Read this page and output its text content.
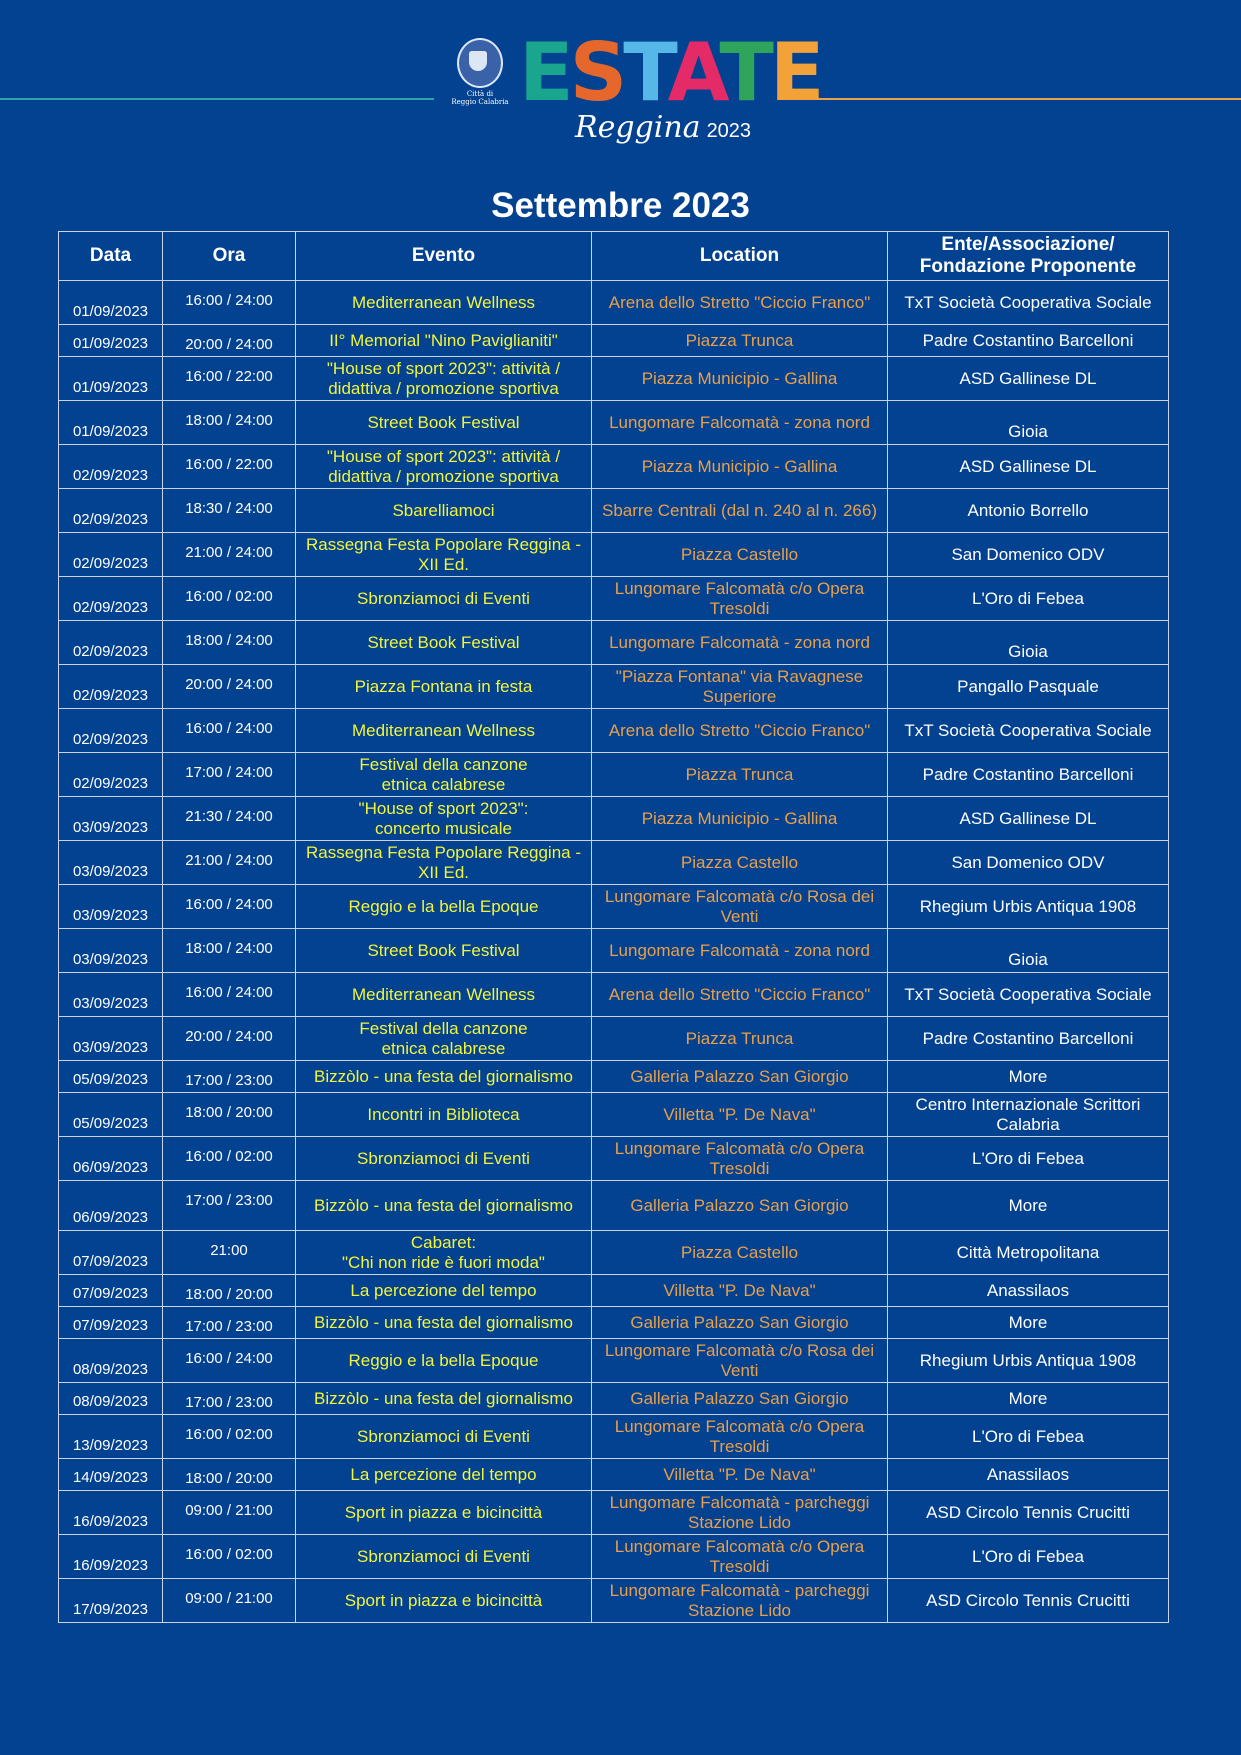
Città di
Reggio Calabria ESTATE
Reggina 2023
Settembre 2023
Data	Ora	Evento	Location	Ente/Associazione/
Fondazione Proponente
01/09/2023	16:00 / 24:00	Mediterranean Wellness	Arena dello Stretto "Ciccio Franco"	TxT Società Cooperativa Sociale
01/09/2023	20:00 / 24:00	II° Memorial "Nino Paviglianiti"	Piazza Trunca	Padre Costantino Barcelloni
01/09/2023	16:00 / 22:00	"House of sport 2023": attività / didattiva / promozione sportiva	Piazza Municipio - Gallina	ASD Gallinese DL
01/09/2023	18:00 / 24:00	Street Book Festival	Lungomare Falcomatà - zona nord	Gioia
02/09/2023	16:00 / 22:00	"House of sport 2023": attività / didattiva / promozione sportiva	Piazza Municipio - Gallina	ASD Gallinese DL
02/09/2023	18:30 / 24:00	Sbarelliamoci	Sbarre Centrali (dal n. 240 al n. 266)	Antonio Borrello
02/09/2023	21:00 / 24:00	Rassegna Festa Popolare Reggina - XII Ed.	Piazza Castello	San Domenico ODV
02/09/2023	16:00 / 02:00	Sbronziamoci di Eventi	Lungomare Falcomatà c/o Opera Tresoldi	L'Oro di Febea
02/09/2023	18:00 / 24:00	Street Book Festival	Lungomare Falcomatà - zona nord	Gioia
02/09/2023	20:00 / 24:00	Piazza Fontana in festa	"Piazza Fontana" via Ravagnese Superiore	Pangallo Pasquale
02/09/2023	16:00 / 24:00	Mediterranean Wellness	Arena dello Stretto "Ciccio Franco"	TxT Società Cooperativa Sociale
02/09/2023	17:00 / 24:00	Festival della canzone
etnica calabrese	Piazza Trunca	Padre Costantino Barcelloni
03/09/2023	21:30 / 24:00	"House of sport 2023":
concerto musicale	Piazza Municipio - Gallina	ASD Gallinese DL
03/09/2023	21:00 / 24:00	Rassegna Festa Popolare Reggina - XII Ed.	Piazza Castello	San Domenico ODV
03/09/2023	16:00 / 24:00	Reggio e la bella Epoque	Lungomare Falcomatà c/o Rosa dei Venti	Rhegium Urbis Antiqua 1908
03/09/2023	18:00 / 24:00	Street Book Festival	Lungomare Falcomatà - zona nord	Gioia
03/09/2023	16:00 / 24:00	Mediterranean Wellness	Arena dello Stretto "Ciccio Franco"	TxT Società Cooperativa Sociale
03/09/2023	20:00 / 24:00	Festival della canzone
etnica calabrese	Piazza Trunca	Padre Costantino Barcelloni
05/09/2023	17:00 / 23:00	Bizzòlo - una festa del giornalismo	Galleria Palazzo San Giorgio	More
05/09/2023	18:00 / 20:00	Incontri in Biblioteca	Villetta "P. De Nava"	Centro Internazionale Scrittori Calabria
06/09/2023	16:00 / 02:00	Sbronziamoci di Eventi	Lungomare Falcomatà c/o Opera Tresoldi	L'Oro di Febea
06/09/2023	17:00 / 23:00	Bizzòlo - una festa del giornalismo	Galleria Palazzo San Giorgio	More
07/09/2023	21:00	Cabaret:
"Chi non ride è fuori moda"	Piazza Castello	Città Metropolitana
07/09/2023	18:00 / 20:00	La percezione del tempo	Villetta "P. De Nava"	Anassilaos
07/09/2023	17:00 / 23:00	Bizzòlo - una festa del giornalismo	Galleria Palazzo San Giorgio	More
08/09/2023	16:00 / 24:00	Reggio e la bella Epoque	Lungomare Falcomatà c/o Rosa dei Venti	Rhegium Urbis Antiqua 1908
08/09/2023	17:00 / 23:00	Bizzòlo - una festa del giornalismo	Galleria Palazzo San Giorgio	More
13/09/2023	16:00 / 02:00	Sbronziamoci di Eventi	Lungomare Falcomatà c/o Opera Tresoldi	L'Oro di Febea
14/09/2023	18:00 / 20:00	La percezione del tempo	Villetta "P. De Nava"	Anassilaos
16/09/2023	09:00 / 21:00	Sport in piazza e bicincittà	Lungomare Falcomatà - parcheggi Stazione Lido	ASD Circolo Tennis Crucitti
16/09/2023	16:00 / 02:00	Sbronziamoci di Eventi	Lungomare Falcomatà c/o Opera Tresoldi	L'Oro di Febea
17/09/2023	09:00 / 21:00	Sport in piazza e bicincittà	Lungomare Falcomatà - parcheggi Stazione Lido	ASD Circolo Tennis Crucitti
